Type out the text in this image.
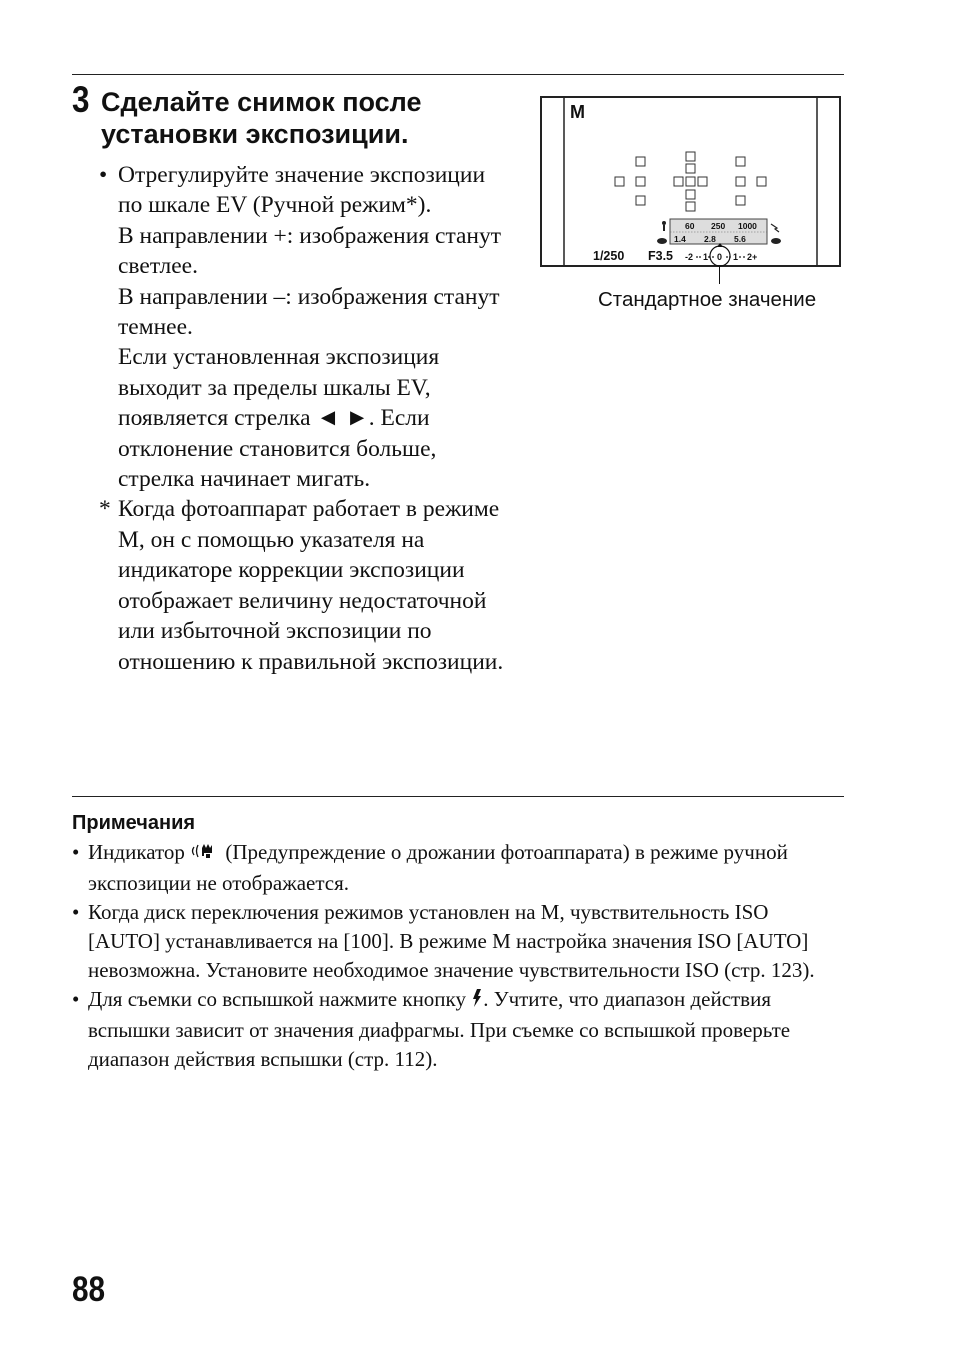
3 Сделайте снимок после установки экспозиции.
• Отрегулируйте значение экспозиции по шкале EV (Ручной режим*).
В направлении +: изображения станут светлее.
В направлении –: изображения станут темнее.
Если установленная экспозиция выходит за пределы шкалы EV, появляется стрелка ◄ ►. Если отклонение становится больше, стрелка начинает мигать.
* Когда фотоаппарат работает в режиме M, он с помощью указателя на индикаторе коррекции экспозиции отображает величину недостаточной или избыточной экспозиции по отношению к правильной экспозиции.
M
60 250 1000
1.4 2.8 5.6
1/250 F3.5 -2 1 0 1 2+
Стандартное значение
Примечания
• Индикатор (Предупреждение о дрожании фотоаппарата) в режиме ручной экспозиции не отображается.
• Когда диск переключения режимов установлен на M, чувствительность ISO [AUTO] устанавливается на [100]. В режиме M настройка значения ISO [AUTO] невозможна. Установите необходимое значение чувствительности ISO (стр. 123).
• Для съемки со вспышкой нажмите кнопку . Учтите, что диапазон действия вспышки зависит от значения диафрагмы. При съемке со вспышкой проверьте диапазон действия вспышки (стр. 112).
88
